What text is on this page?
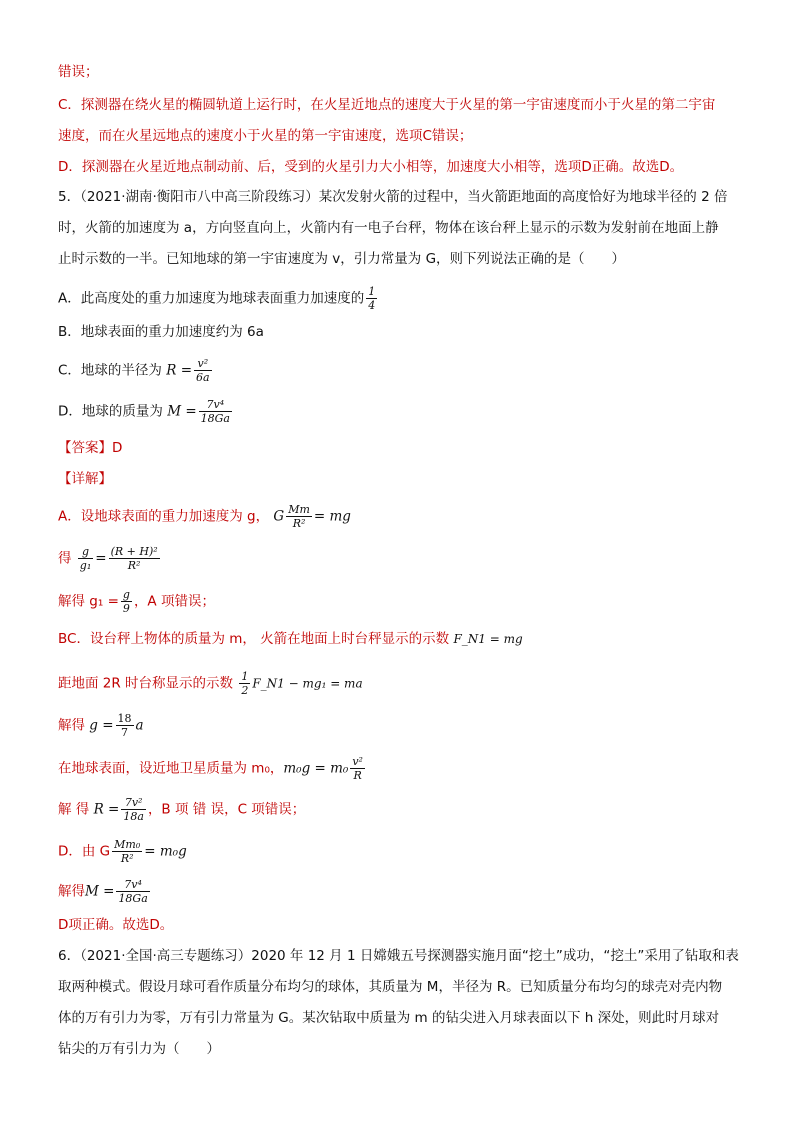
错误；
C．探测器在绕火星的椭圆轨道上运行时，在火星近地点的速度大于火星的第一宇宙速度而小于火星的第二宇宙
速度，而在火星远地点的速度小于火星的第一宇宙速度，选项C错误；
D．探测器在火星近地点制动前、后，受到的火星引力大小相等，加速度大小相等，选项D正确。故选D。
5．（2021·湖南·衡阳市八中高三阶段练习）某次发射火箭的过程中，当火箭距地面的高度恰好为地球半径的 2 倍
时，火箭的加速度为 a，方向竖直向上，火箭内有一电子台秤，物体在该台秤上显示的示数为发射前在地面上静
止时示数的一半。已知地球的第一宇宙速度为 v，引力常量为 G，则下列说法正确的是（　　）
A．此高度处的重力加速度为地球表面重力加速度的 $\frac{1}{4}$
B．地球表面的重力加速度约为 6a
C．地球的半径为 $R = \frac{\text{v²}}{6a}$
D．地球的质量为 $M = \frac{\text{7v⁴}}{18Ga}$
【答案】D
【详解】
A．设地球表面的重力加速度为 g， G $\frac{Mm}{\text{R²}}$ = mg
得 $\frac{g}{\text{g₁}} = \frac{\text{(R + H)²}}{\text{R²}}$
解得 $g_1 = \frac{g}{9}$ ，A 项错误；
BC．设台秤上物体的质量为 m， 火箭在地面上时台秤显示的示数 F_N1 = mg
距地面 2R 时台称显示的示数 $\frac{1}{2}$ F_N1 − mg₁ = ma
解得 $g = \frac{18}{7}$ a
在地球表面，设近地卫星质量为 m₀，$m_0g = m_0 \frac{\text{v²}}{R}$
解 得 $R = \frac{\text{7v²}}{18a}$ ，B 项 错 误，C 项错误；
D．由 G $\frac{\text{Mm₀}}{\text{R²}} = m_0g$
解得$M = \frac{\text{7v⁴}}{18Ga}$
D项正确。故选D。
6．（2021·全国·高三专题练习）2020 年 12 月 1 日嫦娥五号探测器实施月面“挖土”成功，“挖土”采用了钻取和表
取两种模式。假设月球可看作质量分布均匀的球体，其质量为 M，半径为 R。已知质量分布均匀的球壳对壳内物
体的万有引力为零，万有引力常量为 G。某次钻取中质量为 m 的钻尖进入月球表面以下 h 深处，则此时月球对
钻尖的万有引力为（　　）
